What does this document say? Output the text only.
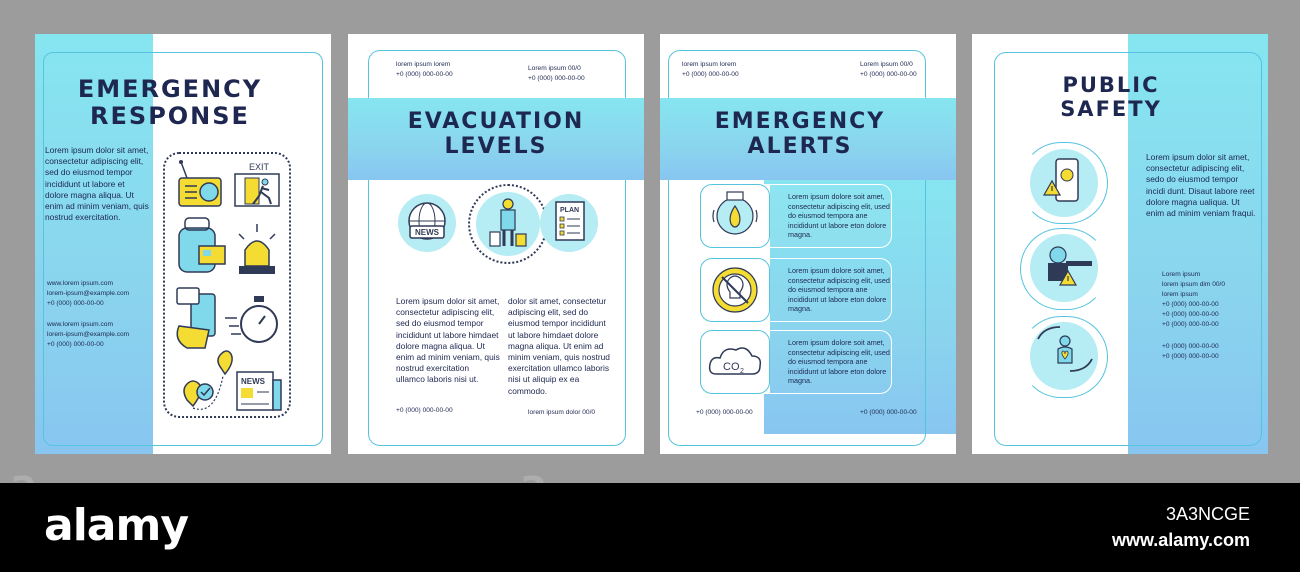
EMERGENCY
RESPONSE
Lorem ipsum dolor sit amet, consectetur adipiscing elit, sed do eiusmod tempor incididunt ut labore et dolore magna aliqua. Ut enim ad minim veniam, quis nostrud exercitation.
www.lorem ipsum.com
lorem-ipsum@example.com
+0 (000) 000-00-00
www.lorem ipsum.com
lorem-ipsum@example.com
+0 (000) 000-00-00
EXIT
NEWS
lorem ipsum lorem
+0 (000) 000-00-00
Lorem ipsum 00/0
+0 (000) 000-00-00
EVACUATION
LEVELS
NEWS
PLAN
Lorem ipsum dolor sit amet, consectetur adipiscing elit, sed do eiusmod tempor incididunt ut labore himdaet dolore magna aliqua. Ut enim ad minim veniam, quis nostrud exercitation ullamco laboris nisi ut.
dolor sit amet, consectetur adipiscing elit, sed do eiusmod tempor incididunt ut labore himdaet dolore magna aliqua. Ut enim ad minim veniam, quis nostrud exercitation ullamco laboris nisi ut aliquip ex ea commodo.
+0 (000) 000-00-00	lorem ipsum dolor 00/0
lorem ipsum lorem
+0 (000) 000-00-00
Lorem ipsum 00/0
+0 (000) 000-00-00
EMERGENCY
ALERTS
CO 2
Lorem ipsum dolore soit amet, consectetur adipiscing elit, used do eiusmod tempora ane incididunt ut labore eton dolore magna.
Lorem ipsum dolore soit amet, consectetur adipiscing elit, used do eiusmod tempora ane incididunt ut labore eton dolore magna.
Lorem ipsum dolore soit amet, consectetur adipiscing elit, used do eiusmod tempora ane incididunt ut labore eton dolore magna.
+0 (000) 000-00-00	+0 (000) 000-00-00
PUBLIC
SAFETY
Lorem ipsum dolor sit amet, consectetur adipiscing elit, sedo do eiusmod tempor incidi dunt. Disaut labore reet dolore magna ualiqua. Ut enim ad minim veniam fraqui.
Lorem ipsum
lorem ipsum dim 00/0
lorem ipsum
+0 (000) 000-00-00
+0 (000) 000-00-00
+0 (000) 000-00-00
+0 (000) 000-00-00
+0 (000) 000-00-00
alamy	3A3NCGE
www.alamy.com
